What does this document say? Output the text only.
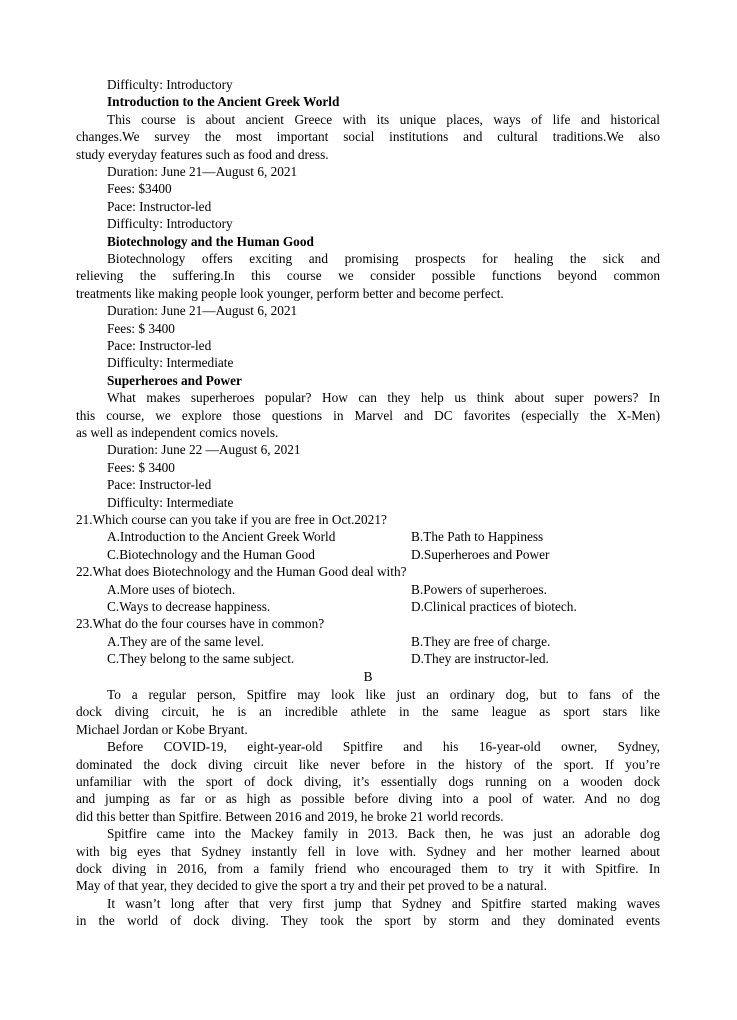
Difficulty: Introductory
Introduction to the Ancient Greek World
This course is about ancient Greece with its unique places, ways of life and historical
changes.We survey the most important social institutions and cultural traditions.We also
study everyday features such as food and dress.
Duration: June 21—August 6, 2021
Fees: $3400
Pace: Instructor-led
Difficulty: Introductory
Biotechnology and the Human Good
Biotechnology offers exciting and promising prospects for healing the sick and
relieving the suffering.In this course we consider possible functions beyond common
treatments like making people look younger, perform better and become perfect.
Duration: June 21—August 6, 2021
Fees: $ 3400
Pace: Instructor-led
Difficulty: Intermediate
Superheroes and Power
What makes superheroes popular? How can they help us think about super powers? In
this course, we explore those questions in Marvel and DC favorites (especially the X-Men)
as well as independent comics novels.
Duration: June 22 —August 6, 2021
Fees: $ 3400
Pace: Instructor-led
Difficulty: Intermediate
21.Which course can you take if you are free in Oct.2021?
A.Introduction to the Ancient Greek World	B.The Path to Happiness
C.Biotechnology and the Human Good	D.Superheroes and Power
22.What does Biotechnology and the Human Good deal with?
A.More uses of biotech.	B.Powers of superheroes.
C.Ways to decrease happiness.	D.Clinical practices of biotech.
23.What do the four courses have in common?
A.They are of the same level.	B.They are free of charge.
C.They belong to the same subject.	D.They are instructor-led.
B
To a regular person, Spitfire may look like just an ordinary dog, but to fans of the
dock diving circuit, he is an incredible athlete in the same league as sport stars like
Michael Jordan or Kobe Bryant.
Before COVID-19, eight-year-old Spitfire and his 16-year-old owner, Sydney,
dominated the dock diving circuit like never before in the history of the sport. If you’re
unfamiliar with the sport of dock diving, it’s essentially dogs running on a wooden dock
and jumping as far or as high as possible before diving into a pool of water. And no dog
did this better than Spitfire. Between 2016 and 2019, he broke 21 world records.
Spitfire came into the Mackey family in 2013. Back then, he was just an adorable dog
with big eyes that Sydney instantly fell in love with. Sydney and her mother learned about
dock diving in 2016, from a family friend who encouraged them to try it with Spitfire. In
May of that year, they decided to give the sport a try and their pet proved to be a natural.
It wasn’t long after that very first jump that Sydney and Spitfire started making waves
in the world of dock diving. They took the sport by storm and they dominated events
